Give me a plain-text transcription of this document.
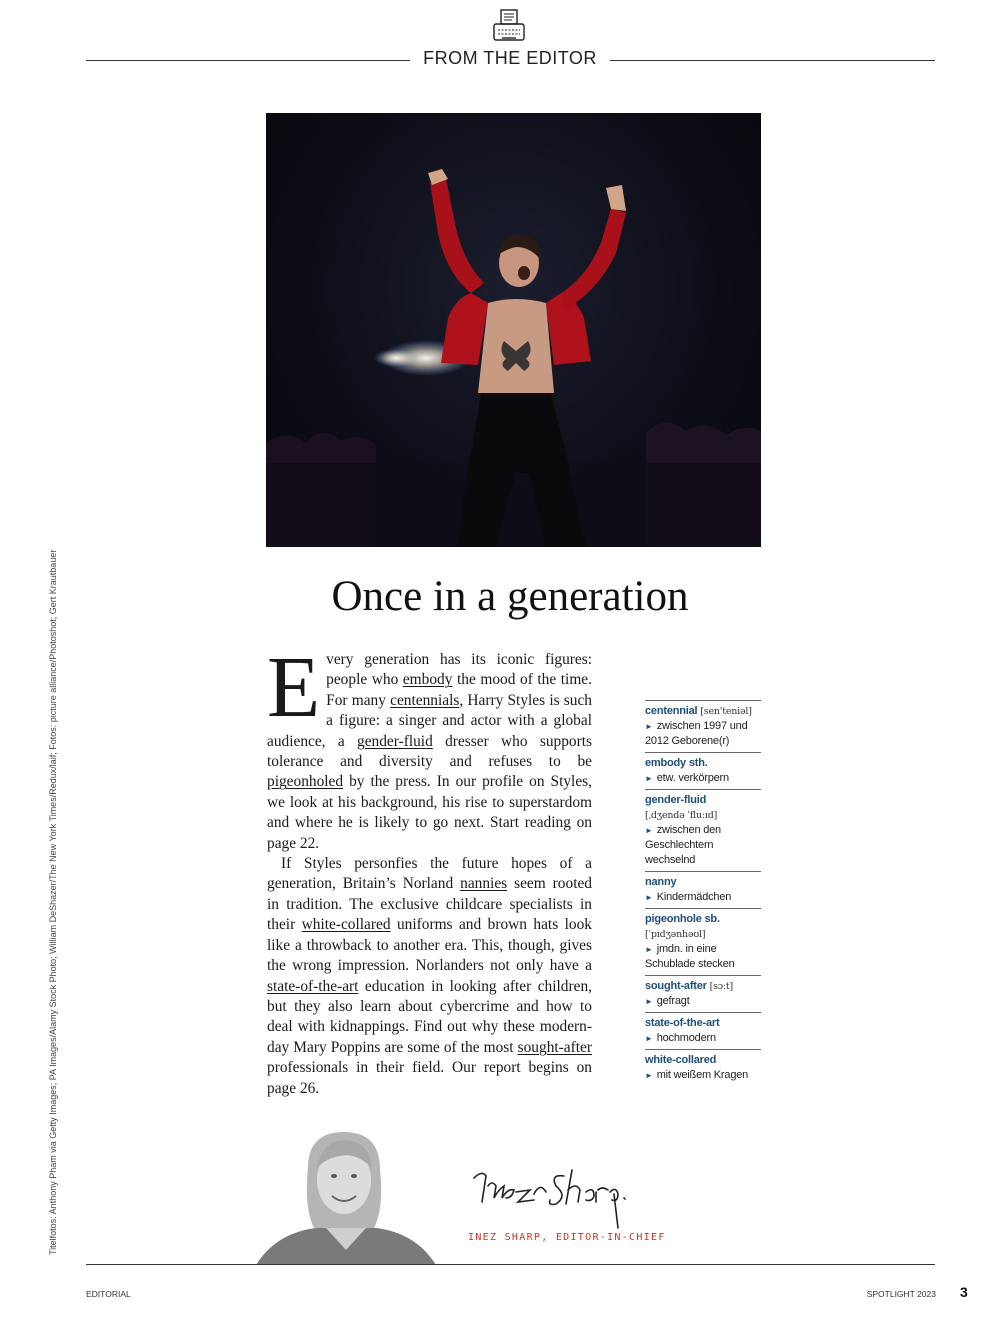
FROM THE EDITOR
Titelfotos: Anthony Pham via Getty Images; PA Images/Alamy Stock Photo; William DeShazer/The New York Times/Redux/laif; Fotos: picture alliance/Photoshot; Gert Krautbauer	Once in a generation

Every generation has its iconic figures: people who embody the mood of the time. For many centennials, Harry Styles is such a figure: a singer and actor with a global audience, a gender-fluid dresser who supports tolerance and diversity and refuses to be pigeonholed by the press. In our profile on Styles, we look at his background, his rise to superstardom and where he is likely to go next. Start reading on page 22.

If Styles personfies the future hopes of a generation, Britain’s Norland nannies seem rooted in tradition. The exclusive childcare specialists in their white-collared uniforms and brown hats look like a throwback to another era. This, though, gives the wrong impression. Norlanders not only have a state-of-the-art education in looking after children, but they also learn about cybercrime and how to deal with kidnappings. Find out why these modern-day Mary Poppins are some of the most sought-after professionals in their field. Our report begins on page 26.

centennial [sen'teniəl]
► zwischen 1997 und 2012 Geborene(r)
embody sth.
► etw. verkörpern
gender-fluid
[ˌdʒendə ˈfluːɪd]
► zwischen den Geschlechtern wechselnd
nanny
► Kindermädchen
pigeonhole sb.
[ˈpɪdʒənhəʊl]
► jmdn. in eine Schublade stecken
sought-after [sɔːt]
► gefragt
state-of-the-art
► hochmodern
white-collared
► mit weißem Kragen
INEZ SHARP, EDITOR-IN-CHIEF
EDITORIAL	SPOTLIGHT 2023 3
